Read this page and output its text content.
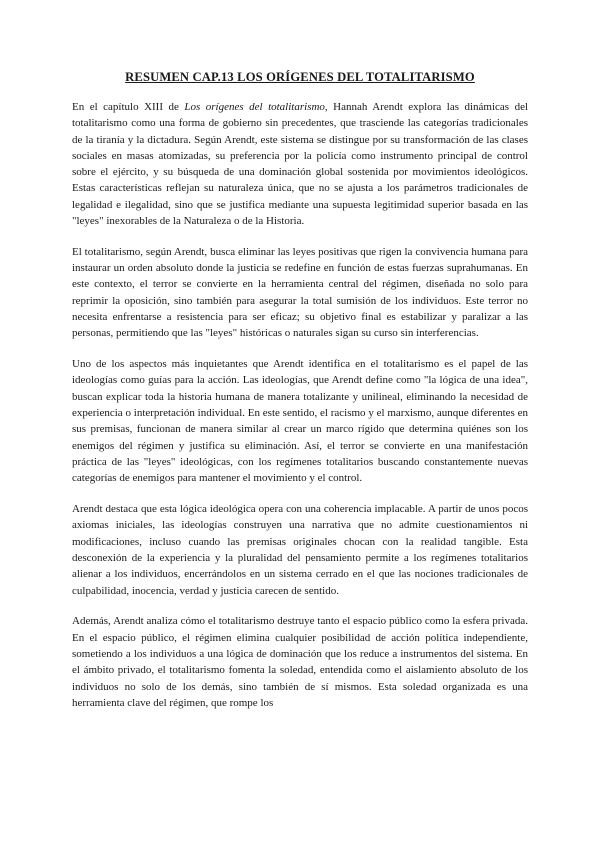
RESUMEN CAP.13 LOS ORÍGENES DEL TOTALITARISMO

En el capítulo XIII de Los orígenes del totalitarismo, Hannah Arendt explora las dinámicas del totalitarismo como una forma de gobierno sin precedentes, que trasciende las categorías tradicionales de la tiranía y la dictadura. Según Arendt, este sistema se distingue por su transformación de las clases sociales en masas atomizadas, su preferencia por la policía como instrumento principal de control sobre el ejército, y su búsqueda de una dominación global sostenida por movimientos ideológicos. Estas características reflejan su naturaleza única, que no se ajusta a los parámetros tradicionales de legalidad e ilegalidad, sino que se justifica mediante una supuesta legitimidad superior basada en las "leyes" inexorables de la Naturaleza o de la Historia.

El totalitarismo, según Arendt, busca eliminar las leyes positivas que rigen la convivencia humana para instaurar un orden absoluto donde la justicia se redefine en función de estas fuerzas suprahumanas. En este contexto, el terror se convierte en la herramienta central del régimen, diseñada no solo para reprimir la oposición, sino también para asegurar la total sumisión de los individuos. Este terror no necesita enfrentarse a resistencia para ser eficaz; su objetivo final es estabilizar y paralizar a las personas, permitiendo que las "leyes" históricas o naturales sigan su curso sin interferencias.

Uno de los aspectos más inquietantes que Arendt identifica en el totalitarismo es el papel de las ideologías como guías para la acción. Las ideologías, que Arendt define como "la lógica de una idea", buscan explicar toda la historia humana de manera totalizante y unilineal, eliminando la necesidad de experiencia o interpretación individual. En este sentido, el racismo y el marxismo, aunque diferentes en sus premisas, funcionan de manera similar al crear un marco rígido que determina quiénes son los enemigos del régimen y justifica su eliminación. Así, el terror se convierte en una manifestación práctica de las "leyes" ideológicas, con los regímenes totalitarios buscando constantemente nuevas categorías de enemigos para mantener el movimiento y el control.

Arendt destaca que esta lógica ideológica opera con una coherencia implacable. A partir de unos pocos axiomas iniciales, las ideologías construyen una narrativa que no admite cuestionamientos ni modificaciones, incluso cuando las premisas originales chocan con la realidad tangible. Esta desconexión de la experiencia y la pluralidad del pensamiento permite a los regímenes totalitarios alienar a los individuos, encerrándolos en un sistema cerrado en el que las nociones tradicionales de culpabilidad, inocencia, verdad y justicia carecen de sentido.

Además, Arendt analiza cómo el totalitarismo destruye tanto el espacio público como la esfera privada. En el espacio público, el régimen elimina cualquier posibilidad de acción política independiente, sometiendo a los individuos a una lógica de dominación que los reduce a instrumentos del sistema. En el ámbito privado, el totalitarismo fomenta la soledad, entendida como el aislamiento absoluto de los individuos no solo de los demás, sino también de sí mismos. Esta soledad organizada es una herramienta clave del régimen, que rompe los
